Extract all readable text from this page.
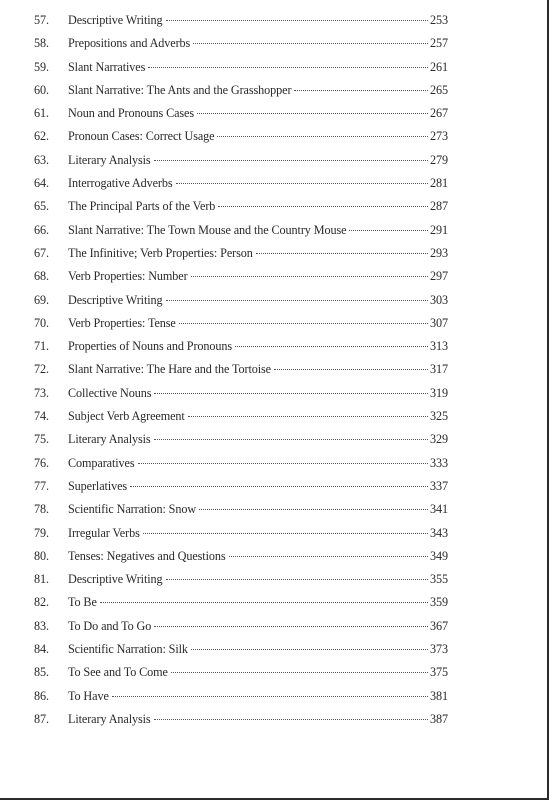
57.	Descriptive Writing	253
58.	Prepositions and Adverbs	257
59.	Slant Narratives	261
60.	Slant Narrative: The Ants and the Grasshopper	265
61.	Noun and Pronouns Cases	267
62.	Pronoun Cases: Correct Usage	273
63.	Literary Analysis	279
64.	Interrogative Adverbs	281
65.	The Principal Parts of the Verb	287
66.	Slant Narrative: The Town Mouse and the Country Mouse	291
67.	The Infinitive; Verb Properties: Person	293
68.	Verb Properties: Number	297
69.	Descriptive Writing	303
70.	Verb Properties: Tense	307
71.	Properties of Nouns and Pronouns	313
72.	Slant Narrative: The Hare and the Tortoise	317
73.	Collective Nouns	319
74.	Subject Verb Agreement	325
75.	Literary Analysis	329
76.	Comparatives	333
77.	Superlatives	337
78.	Scientific Narration: Snow	341
79.	Irregular Verbs	343
80.	Tenses: Negatives and Questions	349
81.	Descriptive Writing	355
82.	To Be	359
83.	To Do and To Go	367
84.	Scientific Narration: Silk	373
85.	To See and To Come	375
86.	To Have	381
87.	Literary Analysis	387
